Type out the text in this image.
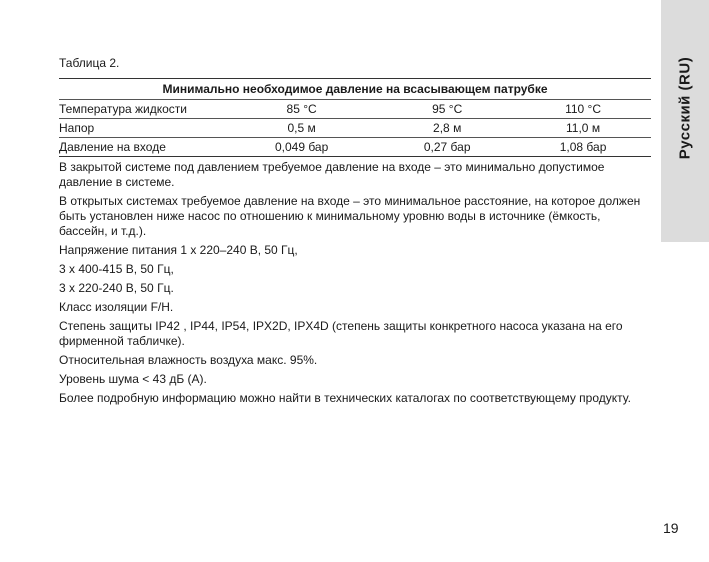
Русский (RU)
Таблица 2.
Минимально необходимое давление на всасывающем патрубке			
Температура жидкости	85 °C	95 °C	110 °C
Напор	0,5 м	2,8 м	11,0 м
Давление на входе	0,049 бар	0,27 бар	1,08 бар

В закрытой системе под давлением требуемое давление на входе – это минимально допустимое давление в системе.

В открытых системах требуемое давление на входе – это минимальное расстояние, на которое должен быть установлен ниже насос по отношению к минимальному уровню воды в источнике (ёмкость, бассейн, и т.д.).

Напряжение питания 1 x 220–240 В, 50 Гц,

3 x 400-415 В, 50 Гц,

3 x 220-240 В, 50 Гц.

Класс изоляции F/H.

Степень защиты IP42 , IP44, IP54, IPX2D, IPX4D (степень защиты конкретного насоса указана на его фирменной табличке).

Относительная влажность воздуха макс. 95%.

Уровень шума < 43 дБ (A).

Более подробную информацию можно найти в технических каталогах по соответствующему продукту.

19
